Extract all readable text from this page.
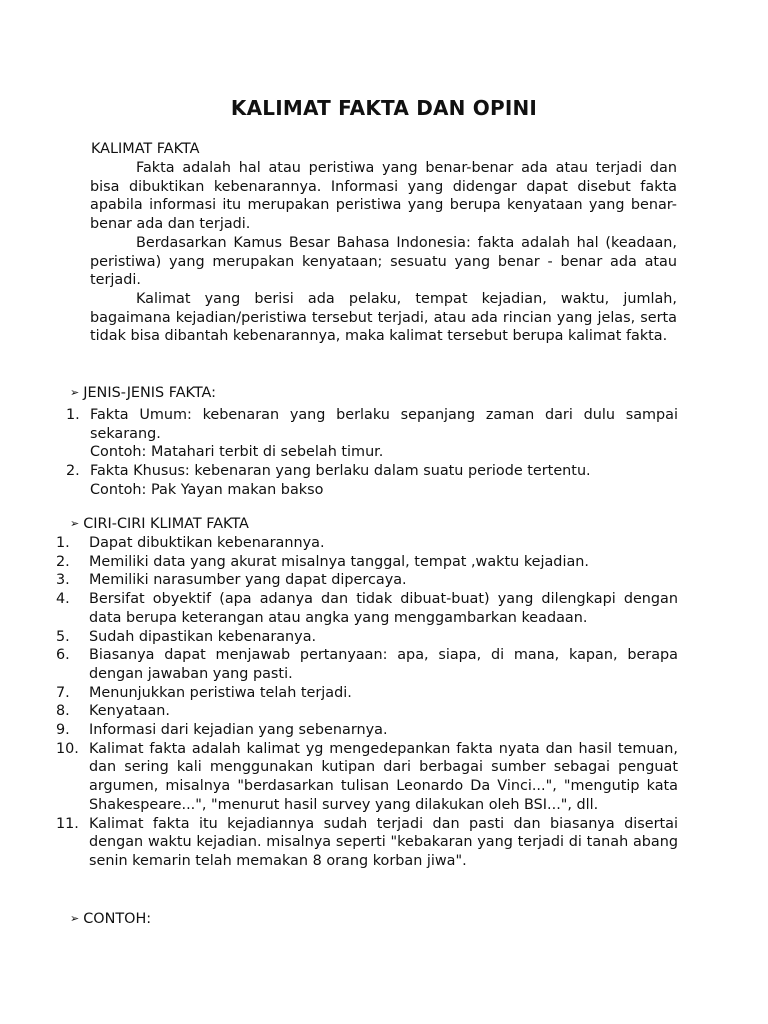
KALIMAT FAKTA DAN OPINI
KALIMAT FAKTA

Fakta adalah hal atau peristiwa yang benar-benar ada atau terjadi dan bisa dibuktikan kebenarannya. Informasi yang didengar dapat disebut fakta apabila informasi itu merupakan peristiwa yang berupa kenyataan yang benar-benar ada dan terjadi.

Berdasarkan Kamus Besar Bahasa Indonesia: fakta adalah hal (keadaan, peristiwa) yang merupakan kenyataan; sesuatu yang benar - benar ada atau terjadi.

Kalimat yang berisi ada pelaku, tempat kejadian, waktu, jumlah, bagaimana kejadian/peristiwa tersebut terjadi, atau ada rincian yang jelas, serta tidak bisa dibantah kebenarannya, maka kalimat tersebut berupa kalimat fakta.

➢ JENIS-JENIS FAKTA:
1. Fakta Umum: kebenaran yang berlaku sepanjang zaman dari dulu sampai sekarang.
Contoh: Matahari terbit di sebelah timur.
2. Fakta Khusus: kebenaran yang berlaku dalam suatu periode tertentu.
Contoh: Pak Yayan makan bakso
➢ CIRI-CIRI KLIMAT FAKTA
1.	Dapat dibuktikan kebenarannya.
2.	Memiliki data yang akurat misalnya tanggal, tempat ,waktu kejadian.
3.	Memiliki narasumber yang dapat dipercaya.
4.	Bersifat obyektif (apa adanya dan tidak dibuat-buat) yang dilengkapi dengan data berupa keterangan atau angka yang menggambarkan keadaan.
5.	Sudah dipastikan kebenaranya.
6.	Biasanya dapat menjawab pertanyaan: apa, siapa, di mana, kapan, berapa dengan jawaban yang pasti.
7.	Menunjukkan peristiwa telah terjadi.
8.	Kenyataan.
9.	Informasi dari kejadian yang sebenarnya.
10. Kalimat fakta adalah kalimat yg mengedepankan fakta nyata dan hasil temuan, dan sering kali menggunakan kutipan dari berbagai sumber sebagai penguat argumen, misalnya "berdasarkan tulisan Leonardo Da Vinci...", "mengutip kata Shakespeare...", "menurut hasil survey yang dilakukan oleh BSI...", dll.
11. Kalimat fakta itu kejadiannya sudah terjadi dan pasti dan biasanya disertai dengan waktu kejadian. misalnya seperti "kebakaran yang terjadi di tanah abang senin kemarin telah memakan 8 orang korban jiwa".
➢ CONTOH:
